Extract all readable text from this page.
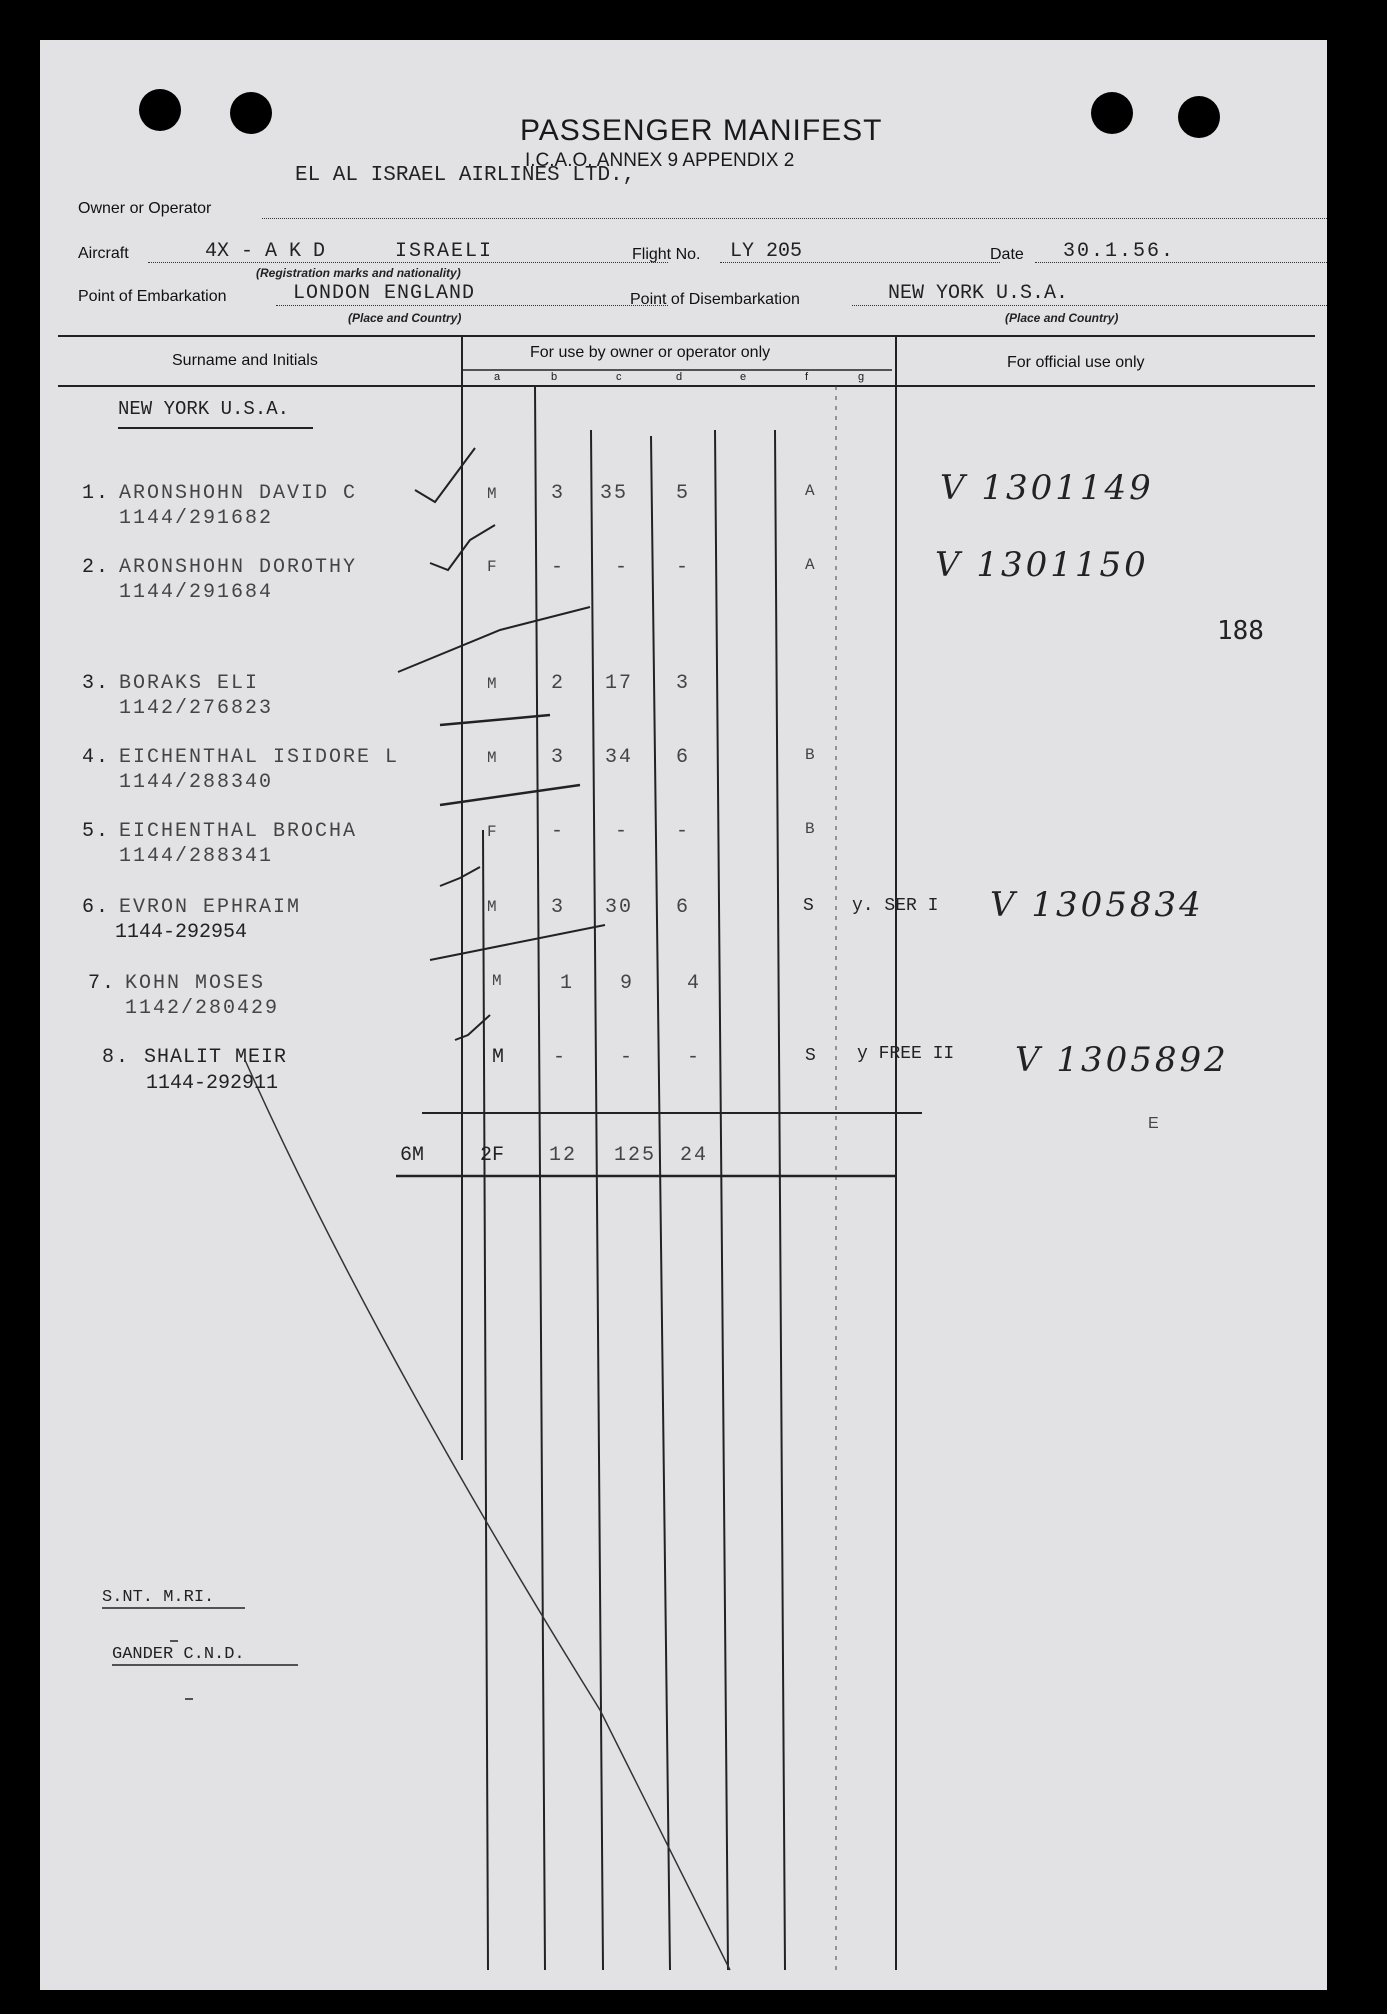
PASSENGER MANIFEST
I.C.A.O. ANNEX 9 APPENDIX 2
EL AL ISRAEL AIRLINES LTD.,
Owner or Operator
Aircraft	4X - A K D	ISRAELI
(Registration marks and nationality)
Flight No. LY 205	Date 30.1.56.
Point of Embarkation	LONDON ENGLAND
(Place and Country)
Point of Disembarkation	NEW YORK U.S.A.
(Place and Country)
Surname and Initials	For use by owner or operator only
For official use only
a	b	c	d	e	f	g
NEW YORK U.S.A.
1. ARONSHOHN DAVID C
1144/291682
M	3 35 5	A	V 1301149
2. ARONSHOHN DOROTHY
1144/291684
F	- - -	A	V 1301150
188
3. BORAKS ELI
1142/276823
M	2 17 3
4. EICHENTHAL ISIDORE L
1144/288340
M	3 34 6	B
5. EICHENTHAL BROCHA
1144/288341
F	- - -	B
6. EVRON EPHRAIM
1144-292954
M	3 30 6	S y. SER I V 1305834
7. KOHN MOSES
1142/280429
M	1 9	4
8. SHALIT MEIR
1144-292911
M -	-	-	S y FREE II V 1305892
E
6M	2F 12 125 24
S.NT. M.RI.
GANDER C.N.D.
